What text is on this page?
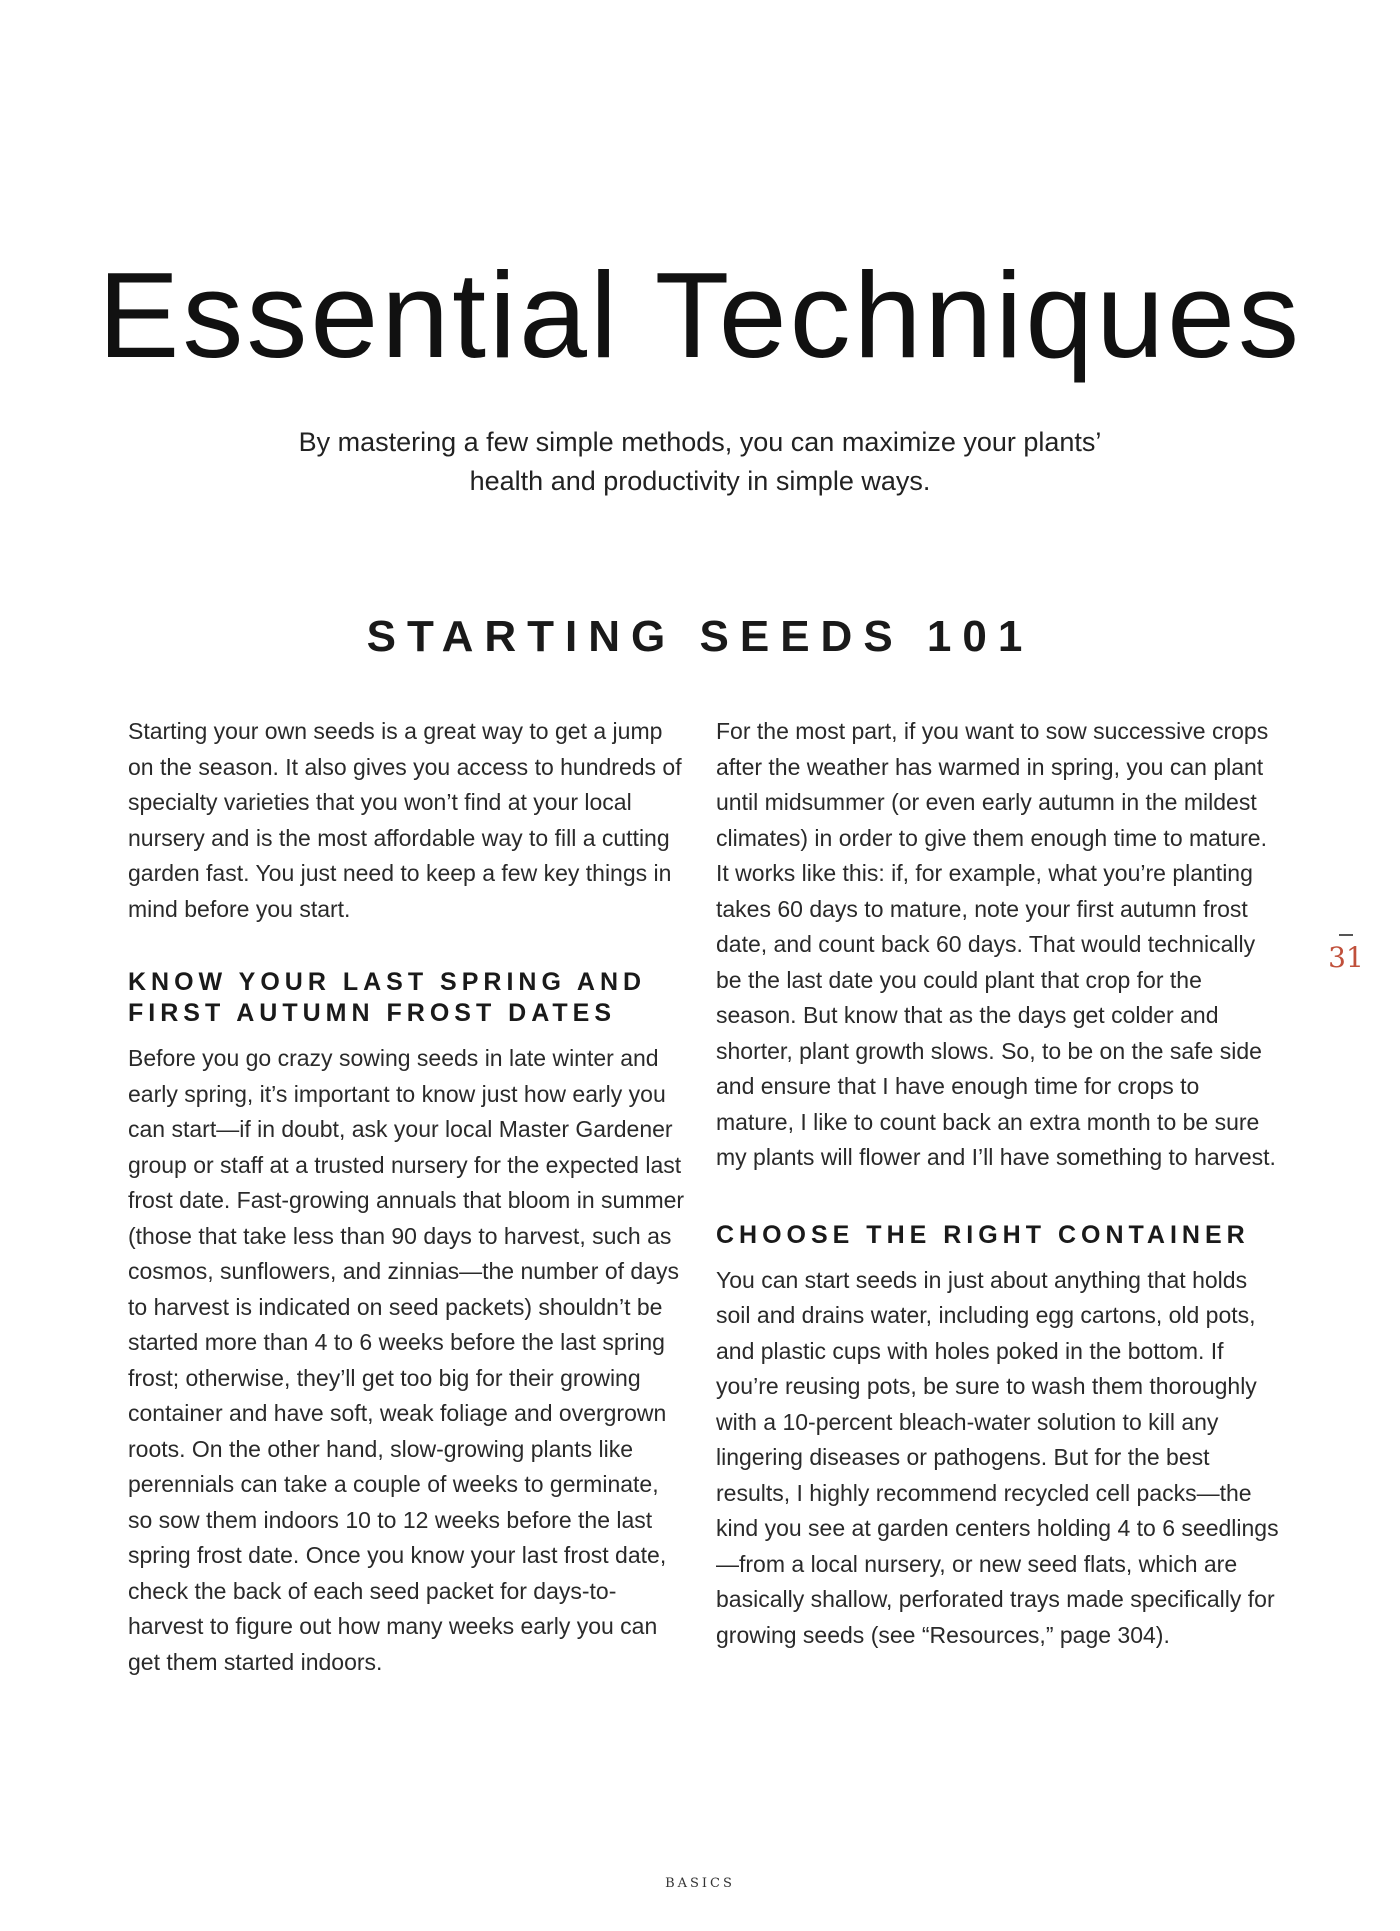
Essential Techniques

By mastering a few simple methods, you can maximize your plants’
health and productivity in simple ways.

STARTING SEEDS 101

Starting your own seeds is a great way to get a jump on the season. It also gives you access to hundreds of specialty varieties that you won’t find at your local nursery and is the most affordable way to fill a cutting garden fast. You just need to keep a few key things in mind before you start.

KNOW YOUR LAST SPRING AND FIRST AUTUMN FROST DATES

Before you go crazy sowing seeds in late winter and early spring, it’s important to know just how early you can start—if in doubt, ask your local Master Gardener group or staff at a trusted nursery for the expected last frost date. Fast-growing annuals that bloom in summer (those that take less than 90 days to harvest, such as cosmos, sunflowers, and zinnias—the number of days to harvest is indicated on seed packets) shouldn’t be started more than 4 to 6 weeks before the last spring frost; otherwise, they’ll get too big for their growing container and have soft, weak foliage and overgrown roots. On the other hand, slow-growing plants like perennials can take a couple of weeks to germinate, so sow them indoors 10 to 12 weeks before the last spring frost date. Once you know your last frost date, check the back of each seed packet for days-to-harvest to figure out how many weeks early you can get them started indoors.

For the most part, if you want to sow successive crops after the weather has warmed in spring, you can plant until midsummer (or even early autumn in the mildest climates) in order to give them enough time to mature. It works like this: if, for example, what you’re planting takes 60 days to mature, note your first autumn frost date, and count back 60 days. That would technically be the last date you could plant that crop for the season. But know that as the days get colder and shorter, plant growth slows. So, to be on the safe side and ensure that I have enough time for crops to mature, I like to count back an extra month to be sure my plants will flower and I’ll have something to harvest.

CHOOSE THE RIGHT CONTAINER

You can start seeds in just about anything that holds soil and drains water, including egg cartons, old pots, and plastic cups with holes poked in the bottom. If you’re reusing pots, be sure to wash them thoroughly with a 10-percent bleach-water solution to kill any lingering diseases or pathogens. But for the best results, I highly recommend recycled cell packs—the kind you see at garden centers holding 4 to 6 seedlings—from a local nursery, or new seed flats, which are basically shallow, perforated trays made specifically for growing seeds (see “Resources,” page 304).

31
BASICS
